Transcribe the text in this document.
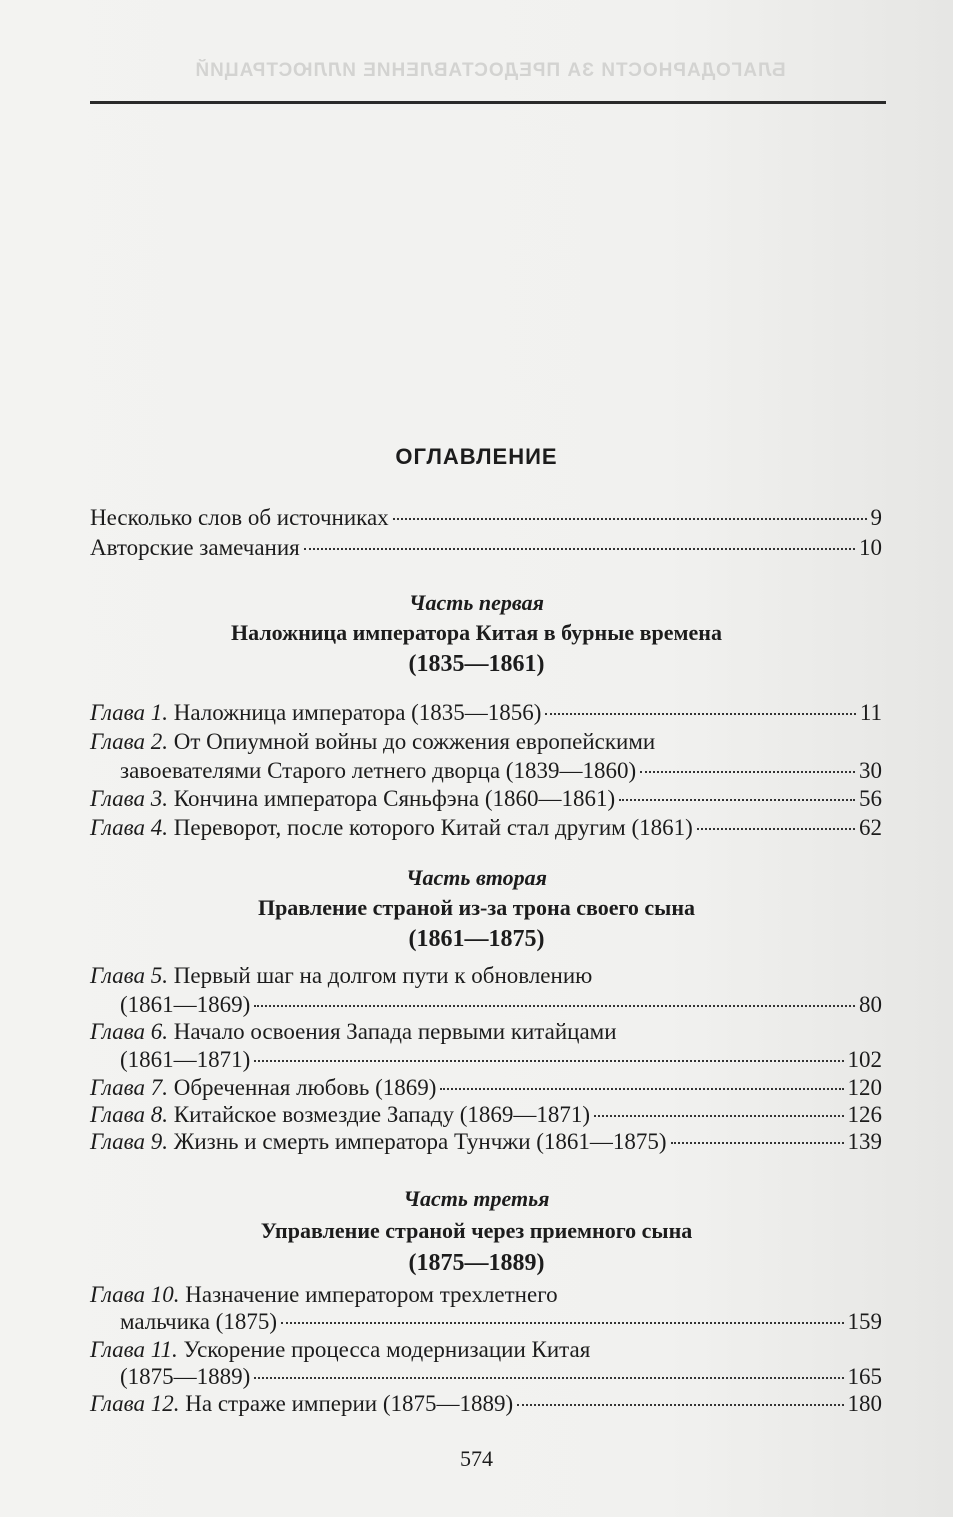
БЛАГОДАРНОСТИ ЗА ПРЕДОСТАВЛЕНИЕ ИЛЛЮСТРАЦИЙ
ОГЛАВЛЕНИЕ
Несколько слов об источниках	9
Авторские замечания	10
Часть первая
Наложница императора Китая в бурные времена
(1835—1861)
Глава 1. Наложница императора (1835—1856)	11
Глава 2. От Опиумной войны до сожжения европейскими
завоевателями Старого летнего дворца (1839—1860)	30
Глава 3. Кончина императора Сяньфэна (1860—1861)	56
Глава 4. Переворот, после которого Китай стал другим (1861)	62
Часть вторая
Правление страной из-за трона своего сына
(1861—1875)
Глава 5. Первый шаг на долгом пути к обновлению
(1861—1869)	80
Глава 6. Начало освоения Запада первыми китайцами
(1861—1871)	102
Глава 7. Обреченная любовь (1869)	120
Глава 8. Китайское возмездие Западу (1869—1871)	126
Глава 9. Жизнь и смерть императора Тунчжи (1861—1875)	139
Часть третья
Управление страной через приемного сына
(1875—1889)
Глава 10. Назначение императором трехлетнего
мальчика (1875)	159
Глава 11. Ускорение процесса модернизации Китая
(1875—1889)	165
Глава 12. На страже империи (1875—1889)	180
574
